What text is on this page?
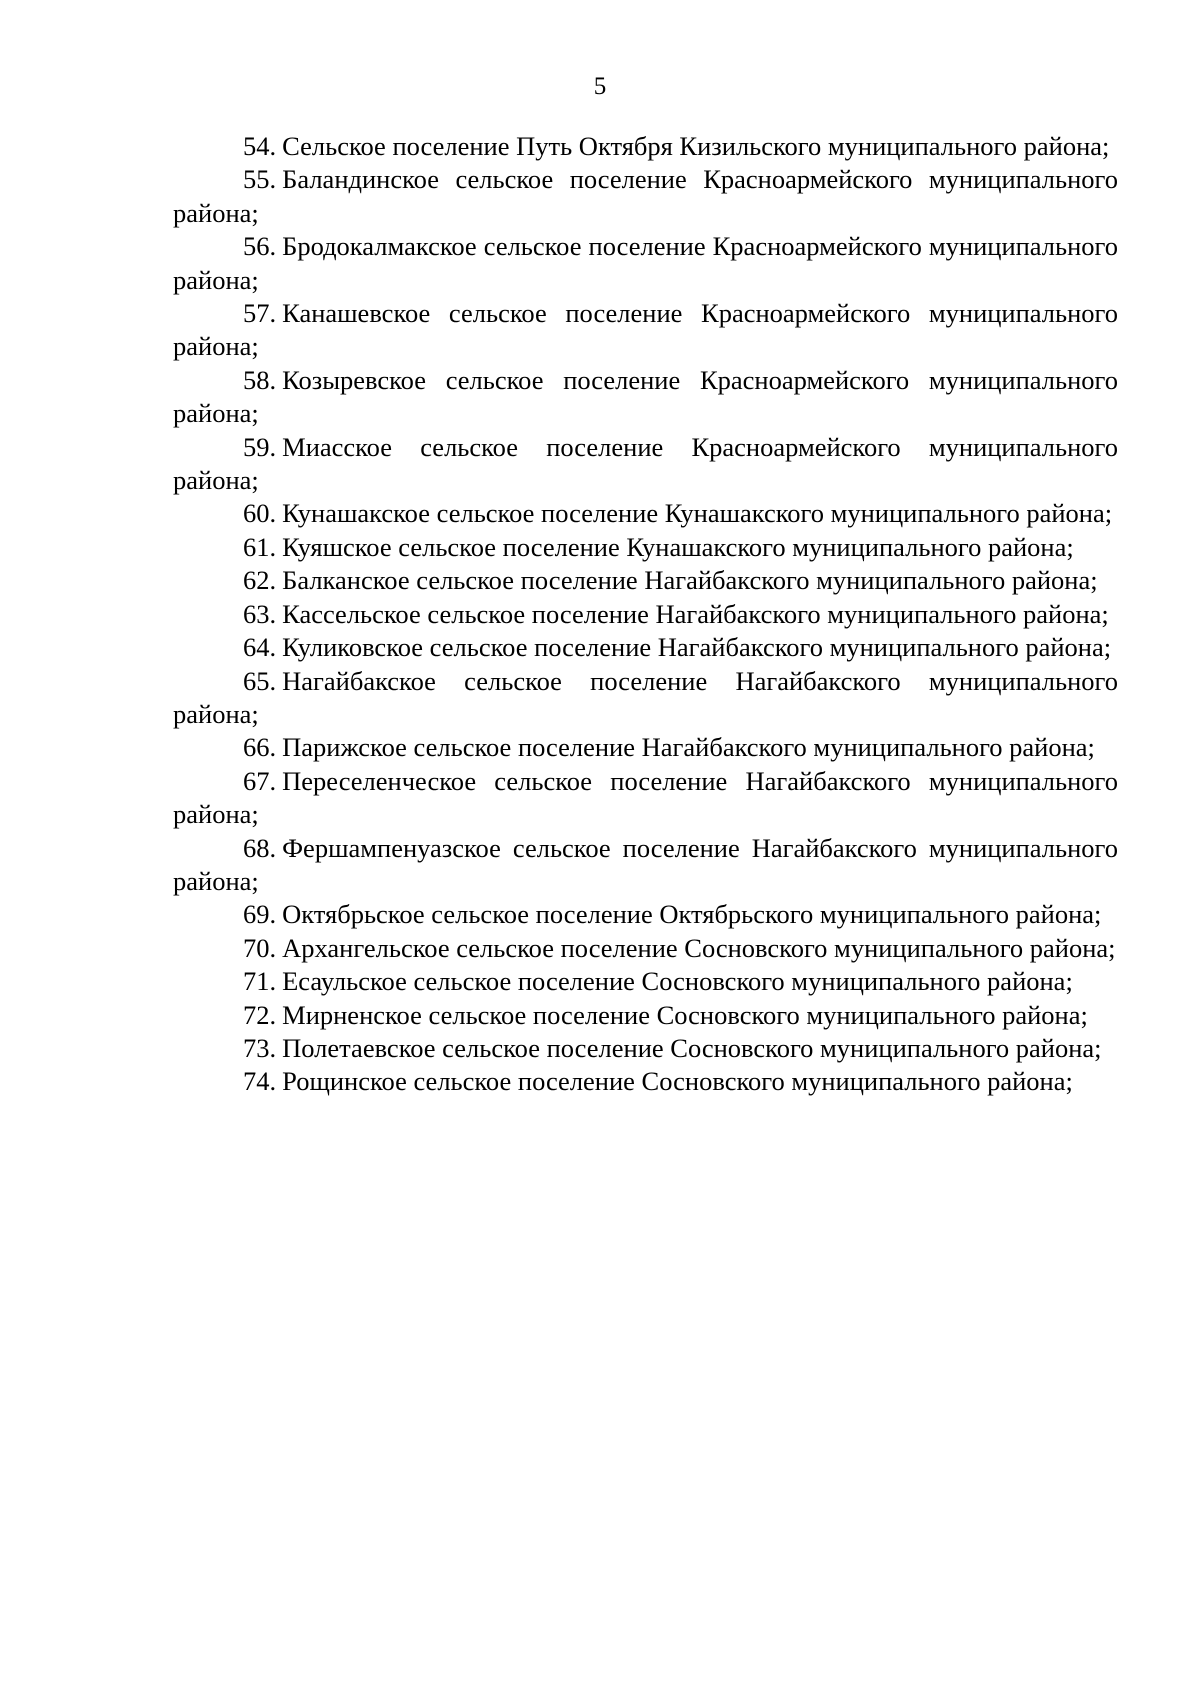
5

54. Сельское поселение Путь Октября Кизильского муниципального района;

55. Баландинское сельское поселение Красноармейского муниципального района;

56. Бродокалмакское сельское поселение Красноармейского муниципального района;

57. Канашевское сельское поселение Красноармейского муниципального района;

58. Козыревское сельское поселение Красноармейского муниципального района;

59. Миасское сельское поселение Красноармейского муниципального района;

60. Кунашакское сельское поселение Кунашакского муниципального района;

61. Куяшское сельское поселение Кунашакского муниципального района;

62. Балканское сельское поселение Нагайбакского муниципального района;

63. Кассельское сельское поселение Нагайбакского муниципального района;

64. Куликовское сельское поселение Нагайбакского муниципального района;

65. Нагайбакское сельское поселение Нагайбакского муниципального района;

66. Парижское сельское поселение Нагайбакского муниципального района;

67. Переселенческое сельское поселение Нагайбакского муниципального района;

68. Фершампенуазское сельское поселение Нагайбакского муниципального района;

69. Октябрьское сельское поселение Октябрьского муниципального района;

70. Архангельское сельское поселение Сосновского муниципального района;

71. Есаульское сельское поселение Сосновского муниципального района;

72. Мирненское сельское поселение Сосновского муниципального района;

73. Полетаевское сельское поселение Сосновского муниципального района;

74. Рощинское сельское поселение Сосновского муниципального района;
